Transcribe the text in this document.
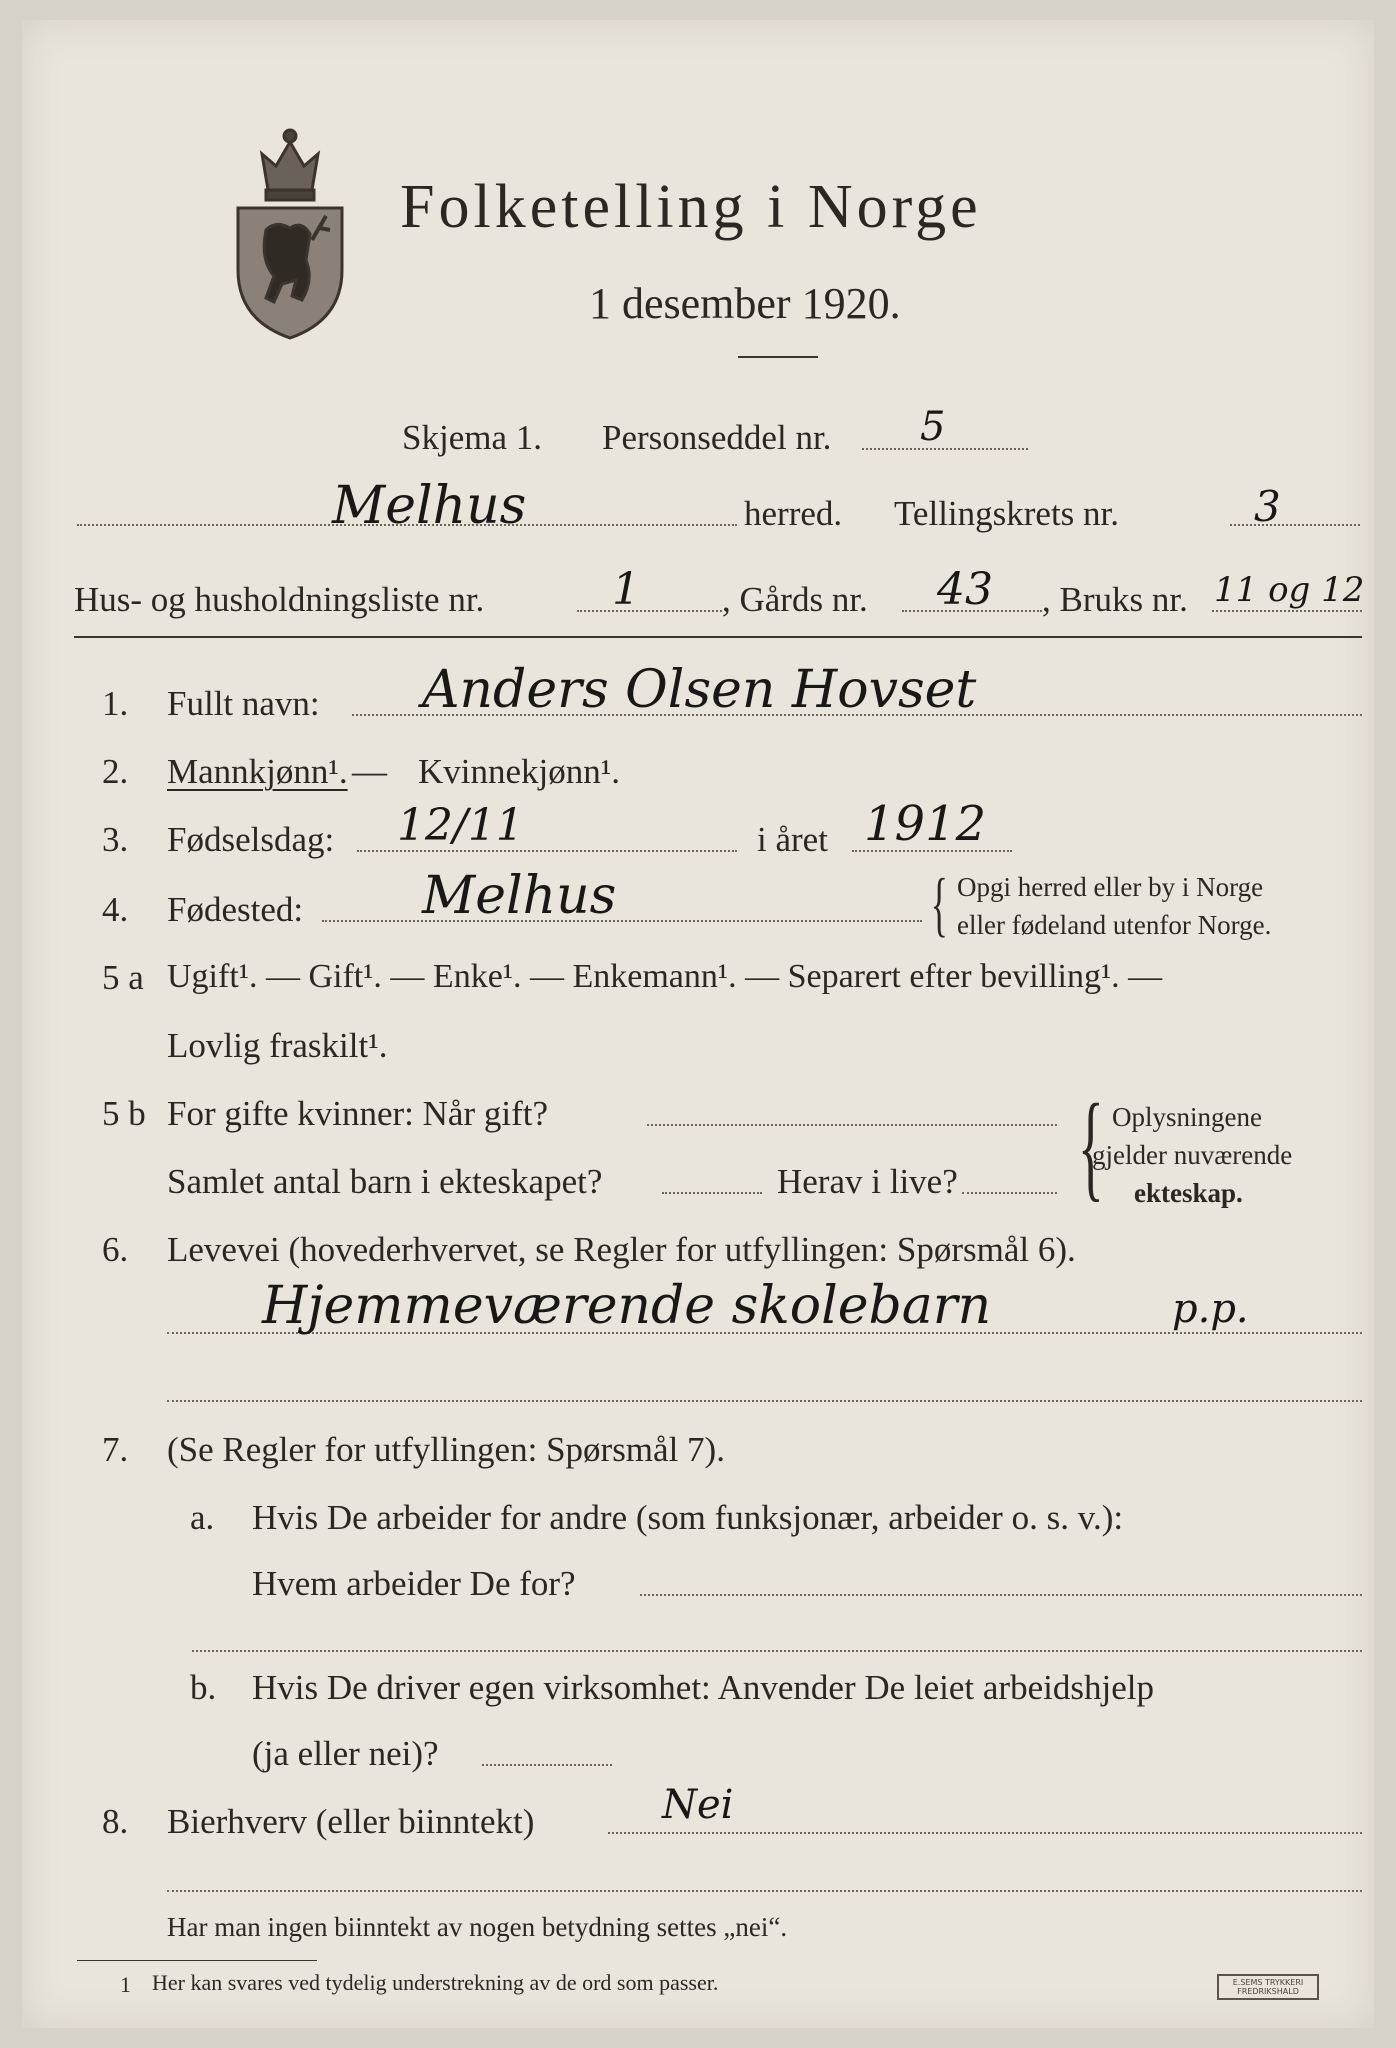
Folketelling i Norge
1 desember 1920.
Skjema 1. Personseddel nr. 5
Melhus	herred. Tellingskrets nr.	3
Hus- og husholdningsliste nr.	1 , Gårds nr. 43 , Bruks nr. 11 og 12
1. Fullt navn: Anders Olsen Hovset
2. Mannkjønn¹. — Kvinnekjønn¹.
3. Fødselsdag: 12/11	i året 1912
4. Fødested: Melhus	{ Opgi herred eller by i Norge
eller fødeland utenfor Norge.
5 a Ugift¹. — Gift¹. — Enke¹. — Enkemann¹. — Separert efter bevilling¹. —
Lovlig fraskilt¹.
5 b For gifte kvinner: Når gift?
Samlet antal barn i ekteskapet?	Herav i live? { Oplysningene
gjelder nuværende
ekteskap.
6. Levevei (hovederhvervet, se Regler for utfyllingen: Spørsmål 6).
Hjemmeværende skolebarn	p.p.
7. (Se Regler for utfyllingen: Spørsmål 7).
a. Hvis De arbeider for andre (som funksjonær, arbeider o. s. v.):
Hvem arbeider De for?
b. Hvis De driver egen virksomhet: Anvender De leiet arbeidshjelp
(ja eller nei)?
8. Bierhverv (eller biinntekt)	Nei
Har man ingen biinntekt av nogen betydning settes „nei“.
1 Her kan svares ved tydelig understrekning av de ord som passer.	E.SEMS TRYKKERI FREDRIKSHALD
